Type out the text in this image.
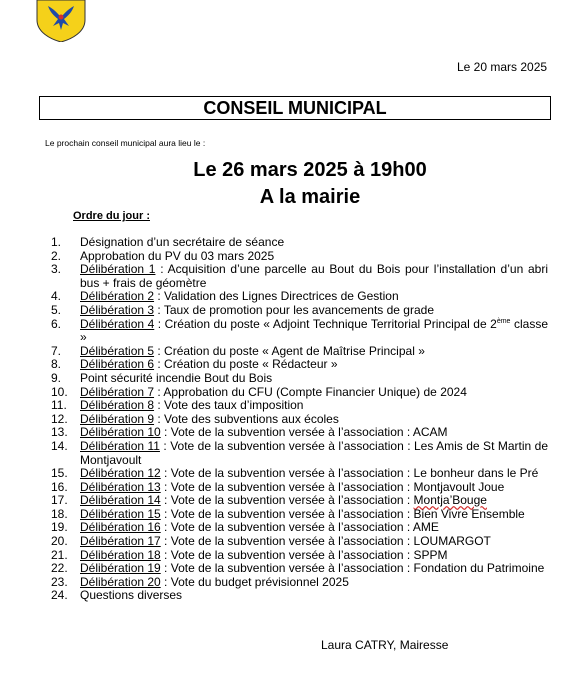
Le 20 mars 2025
CONSEIL MUNICIPAL
Le prochain conseil municipal aura lieu le :
Le 26 mars 2025 à 19h00
A la mairie
Ordre du jour :
1. Désignation d’un secrétaire de séance
2. Approbation du PV du 03 mars 2025
3. Délibération 1 : Acquisition d’une parcelle au Bout du Bois pour l’installation d’un abri bus + frais de géomètre
4. Délibération 2 : Validation des Lignes Directrices de Gestion
5. Délibération 3 : Taux de promotion pour les avancements de grade
6. Délibération 4 : Création du poste « Adjoint Technique Territorial Principal de 2ème classe »
7. Délibération 5 : Création du poste « Agent de Maîtrise Principal »
8. Délibération 6 : Création du poste « Rédacteur »
9. Point sécurité incendie Bout du Bois
10. Délibération 7 : Approbation du CFU (Compte Financier Unique) de 2024
11. Délibération 8 : Vote des taux d’imposition
12. Délibération 9 : Vote des subventions aux écoles
13. Délibération 10 : Vote de la subvention versée à l’association : ACAM
14. Délibération 11 : Vote de la subvention versée à l’association : Les Amis de St Martin de Montjavoult
15. Délibération 12 : Vote de la subvention versée à l’association : Le bonheur dans le Pré
16. Délibération 13 : Vote de la subvention versée à l’association : Montjavoult Joue
17. Délibération 14 : Vote de la subvention versée à l’association : Montja’Bouge
18. Délibération 15 : Vote de la subvention versée à l’association : Bien Vivre Ensemble
19. Délibération 16 : Vote de la subvention versée à l’association : AME
20. Délibération 17 : Vote de la subvention versée à l’association : LOUMARGOT
21. Délibération 18 : Vote de la subvention versée à l’association : SPPM
22. Délibération 19 : Vote de la subvention versée à l’association : Fondation du Patrimoine
23. Délibération 20 : Vote du budget prévisionnel 2025
24. Questions diverses
Laura CATRY, Mairesse
